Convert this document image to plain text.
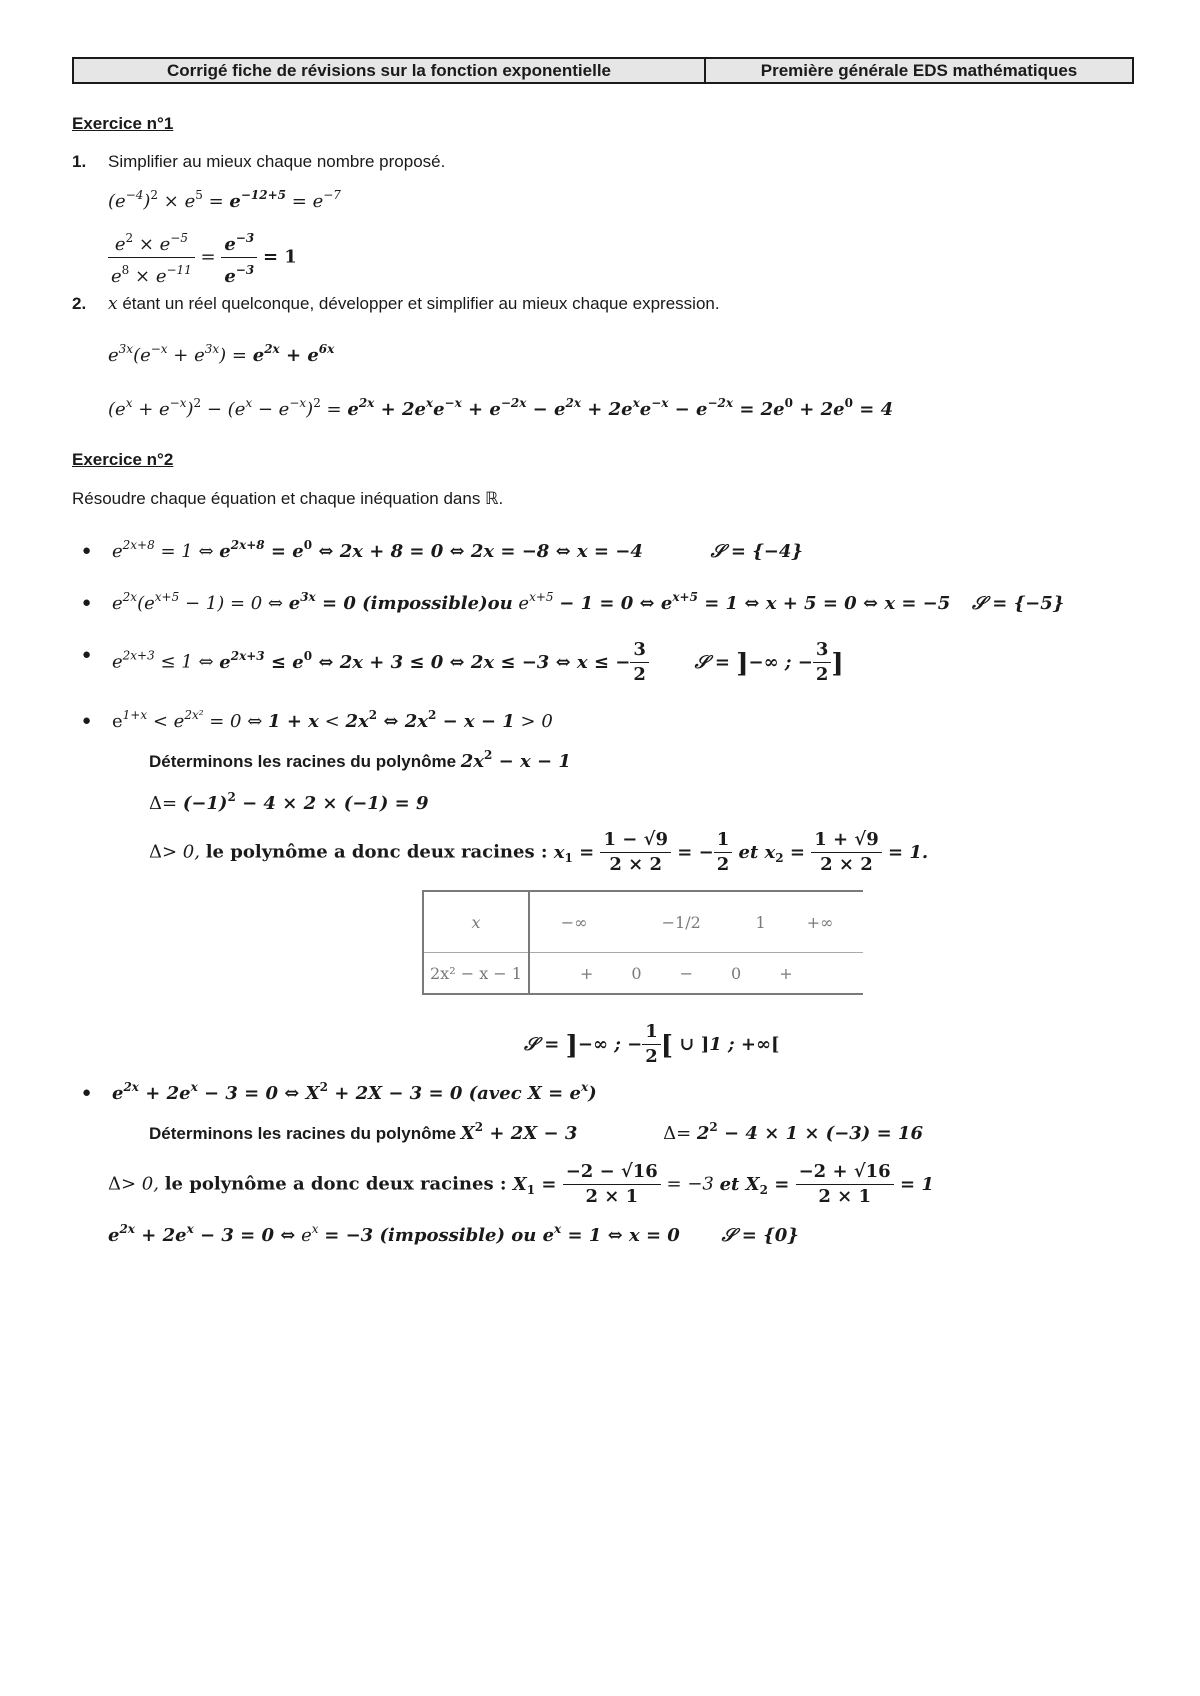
Corrigé fiche de révisions sur la fonction exponentielle	Première générale EDS mathématiques
Exercice n°1
1. Simplifier au mieux chaque nombre proposé.
$(e^{-4})^2 \times e^5 = e^{-12+5} = e^{-7}$
$\frac{e^2 \times e^{-5}}{e^8 \times e^{-11}} = \frac{e^{-3}}{e^{-3}} = 1$
2. x étant un réel quelconque, développer et simplifier au mieux chaque expression.
$e^{3x}(e^{-x} + e^{3x}) = e^{2x} + e^{6x}$
$(e^x + e^{-x})^2 - (e^x - e^{-x})^2 = e^{2x} + 2e^xe^{-x} + e^{-2x} - e^{2x} + 2e^xe^{-x} - e^{-2x} = 2e^0 + 2e^0 = 4$
Exercice n°2
Résoudre chaque équation et chaque inéquation dans ℝ.
● $e^{2x+8} = 1$ ⇔ $e^{2x+8} = e^0$ ⇔ 2x + 8 = 0 ⇔ 2x = −8 ⇔ x = −4	𝒮 = {−4}
● $e^{2x}(e^{x+5} - 1) = 0$ ⇔ $e^{3x} = 0$ (impossible)ou $e^{x+5} - 1 = 0$ ⇔ $e^{x+5} = 1$ ⇔ x + 5 = 0 ⇔ x = −5 𝒮 = {−5}
● $e^{2x+3} \le 1$ ⇔ $e^{2x+3} \le e^0$ ⇔ 2x + 3 ≤ 0 ⇔ 2x ≤ −3 ⇔ x ≤ − $\frac{3}{2}$	𝒮 = ]−∞ ; − $\frac{3}{2}$ ]
● $e^{1+x} < e^{2x^2} = 0$ ⇔ $1 + x < 2x^2$ ⇔ $2x^2 - x - 1 > 0$
Déterminons les racines du polynôme $2x^2 - x - 1$
$\Delta= (-1)^2 - 4 \times 2 \times (-1) = 9$
Δ> 0, le polynôme a donc deux racines : $x_1 = \frac{1 - √9}{2 \times 2}$ = − $\frac{1}{2}$ et $x_2 = \frac{1 + √9}{2 \times 2} = 1$.
x	−∞	−1/2	1	+∞
2x² − x − 1	+ 0 − 0 +			
𝒮 = ]−∞ ; − $\frac{1}{2}$ [ ∪ ]1 ; +∞[
● $e^{2x} + 2e^x - 3 = 0$ ⇔ $X^2 + 2X - 3 = 0$ (avec $X = e^x$)
Déterminons les racines du polynôme $X^2 + 2X - 3$	$\Delta= 2^2 - 4 \times 1 \times (-3) = 16$
Δ> 0, le polynôme a donc deux racines : $X_1 = \frac{-2 - √16}{2 \times 1} = -3$ et $X_2 = \frac{-2 + √16}{2 \times 1} = 1$
$e^{2x} + 2e^x - 3 = 0$ ⇔ $e^x = -3$ (impossible) ou $e^x = 1$ ⇔ x = 0 𝒮 = {0}
